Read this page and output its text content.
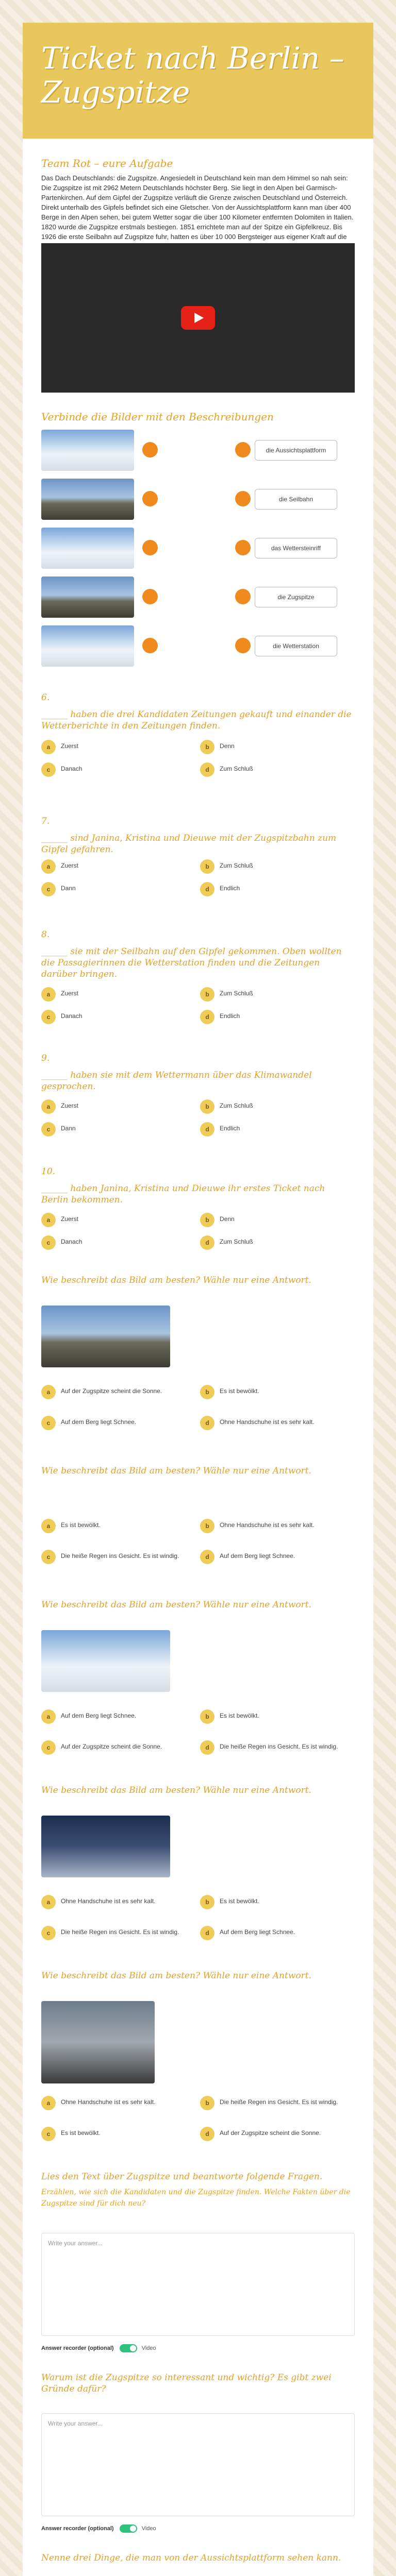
Ticket nach Berlin – Zugspitze
Team Rot – eure Aufgabe
Das Dach Deutschlands: die Zugspitze. Angesiedelt in Deutschland kein man dem Himmel so nah sein: Die Zugspitze ist mit 2962 Metern Deutschlands höchster Berg. Sie liegt in den Alpen bei Garmisch-Partenkirchen. Auf dem Gipfel der Zugspitze verläuft die Grenze zwischen Deutschland und Österreich. Direkt unterhalb des Gipfels befindet sich eine Gletscher. Von der Aussichtsplattform kann man über 400 Berge in den Alpen sehen, bei gutem Wetter sogar die über 100 Kilometer entfernten Dolomiten in Italien. 1820 wurde die Zugspitze erstmals bestiegen. 1851 errichtete man auf der Spitze ein Gipfelkreuz. Bis 1926 die erste Seilbahn auf Zugspitze fuhr, hatten es über 10 000 Bergsteiger aus eigener Kraft auf die
Verbinde die Bilder mit den Beschreibungen
die Aussichtsplattform
die Seilbahn
das Wettersteinriff
die Zugspitze
die Wetterstation
6.
______ haben die drei Kandidaten Zeitungen gekauft und einander die Wetterberichte in den Zeitungen finden.
a	Zuerst	b	Denn
c	Danach	d	Zum Schluß
7.
______ sind Janina, Kristina und Dieuwe mit der Zugspitzbahn zum Gipfel gefahren.
a	Zuerst	b	Zum Schluß
c	Dann	d	Endlich
8.
______ sie mit der Seilbahn auf den Gipfel gekommen. Oben wollten die Passagierinnen die Wetterstation finden und die Zeitungen darüber bringen.
a	Zuerst	b	Zum Schluß
c	Danach	d	Endlich
9.
______ haben sie mit dem Wettermann über das Klimawandel gesprochen.
a	Zuerst	b	Zum Schluß
c	Dann	d	Endlich
10.
______ haben Janina, Kristina und Dieuwe ihr erstes Ticket nach Berlin bekommen.
a	Zuerst	b	Denn
c	Danach	d	Zum Schluß
Wie beschreibt das Bild am besten? Wähle nur eine Antwort.
a	Auf der Zugspitze scheint die Sonne.	b	Es ist bewölkt.
c	Auf dem Berg liegt Schnee.	d	Ohne Handschuhe ist es sehr kalt.
Wie beschreibt das Bild am besten? Wähle nur eine Antwort.
a	Es ist bewölkt.	b	Ohne Handschuhe ist es sehr kalt.
c	Die heiße Regen ins Gesicht. Es ist windig.	d	Auf dem Berg liegt Schnee.
Wie beschreibt das Bild am besten? Wähle nur eine Antwort.
a	Auf dem Berg liegt Schnee.	b	Es ist bewölkt.
c	Auf der Zugspitze scheint die Sonne.	d	Die heiße Regen ins Gesicht. Es ist windig.
Wie beschreibt das Bild am besten? Wähle nur eine Antwort.
a	Ohne Handschuhe ist es sehr kalt.	b	Es ist bewölkt.
c	Die heiße Regen ins Gesicht. Es ist windig.	d	Auf dem Berg liegt Schnee.
Wie beschreibt das Bild am besten? Wähle nur eine Antwort.
a	Ohne Handschuhe ist es sehr kalt.	b	Die heiße Regen ins Gesicht. Es ist windig.
c	Es ist bewölkt.	d	Auf der Zugspitze scheint die Sonne.
Lies den Text über Zugspitze und beantworte folgende Fragen.
Erzählen, wie sich die Kandidaten und die Zugspitze finden. Welche Fakten über die Zugspitze sind für dich neu?
Write your answer...
Answer recorder (optional)	Video
Warum ist die Zugspitze so interessant und wichtig? Es gibt zwei Gründe dafür?
Write your answer...
Answer recorder (optional)	Video
Nenne drei Dinge, die man von der Aussichtsplattform sehen kann.
